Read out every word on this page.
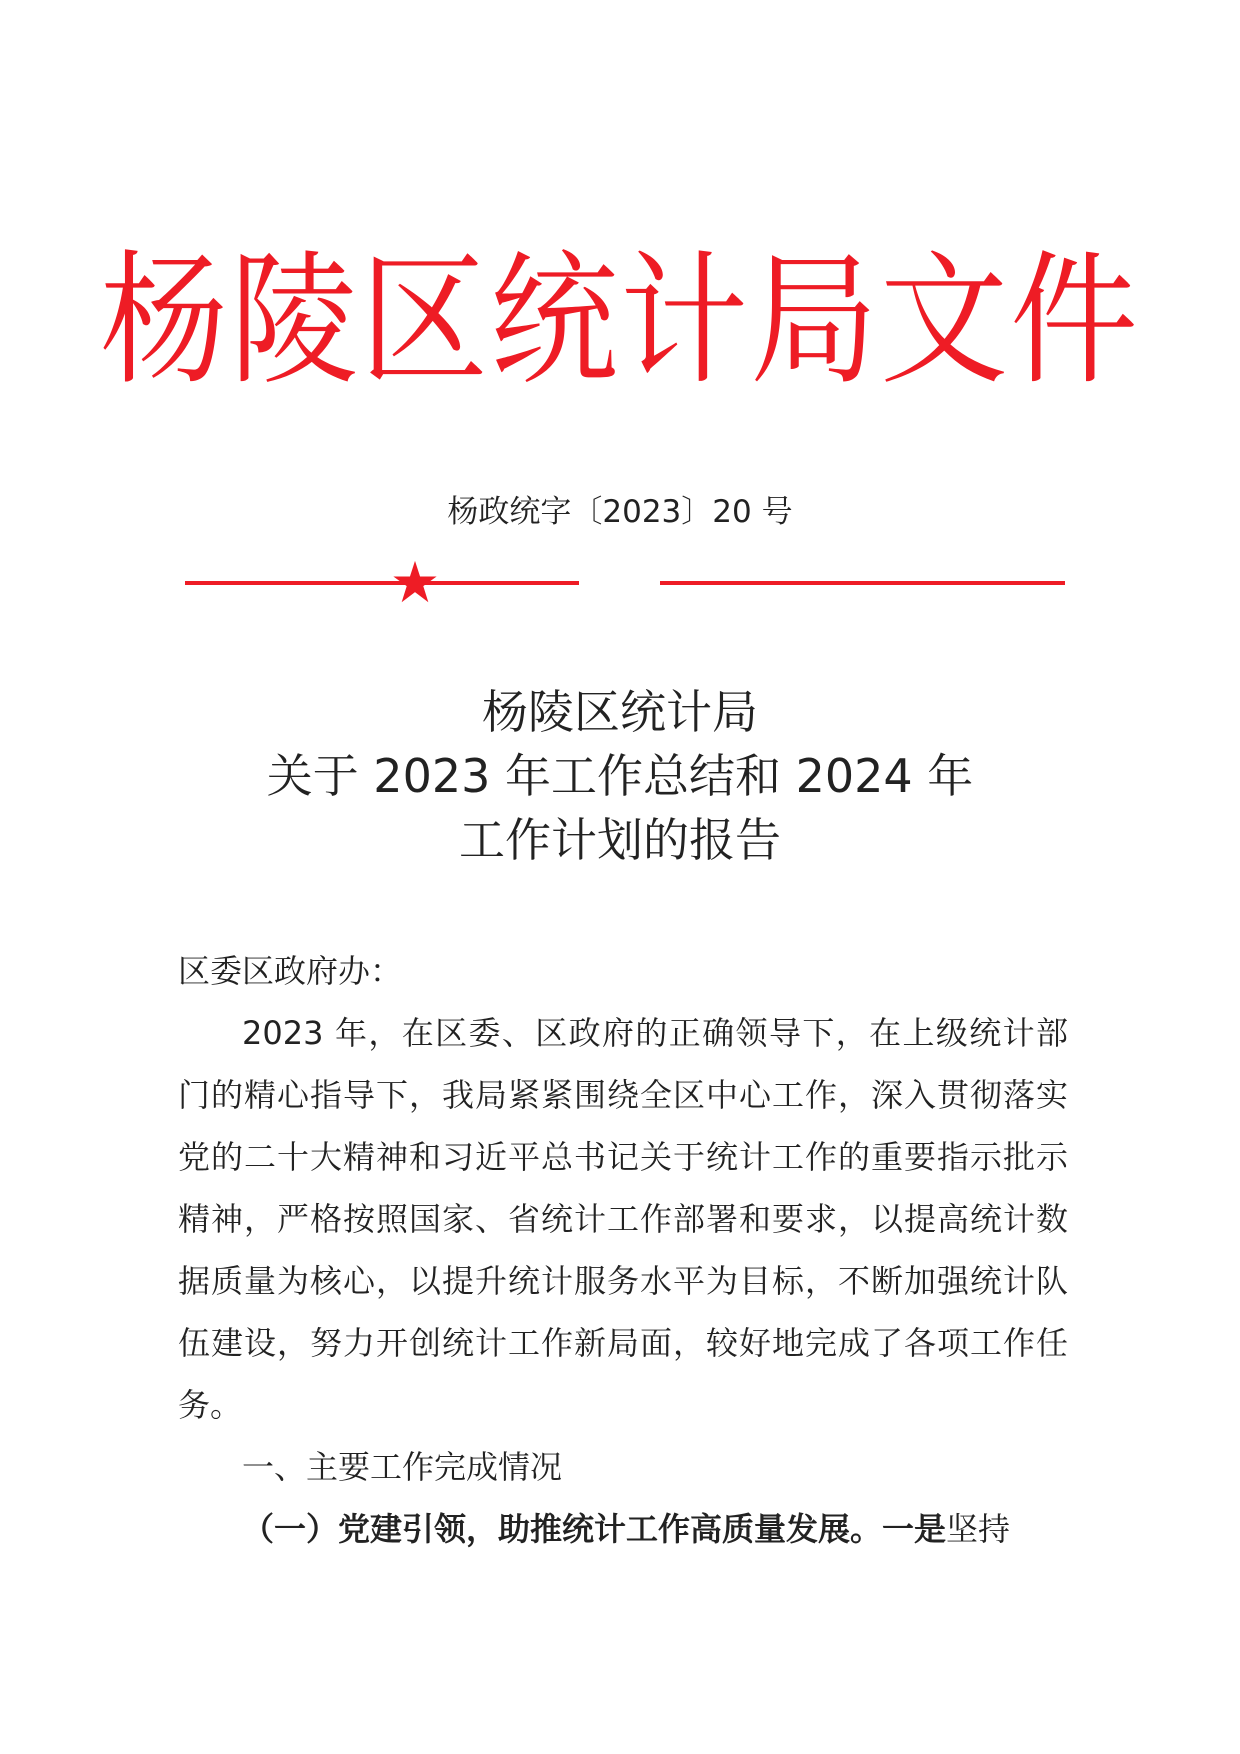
杨陵区统计局文件
杨政统字〔2023〕20 号
杨陵区统计局
关于 2023 年工作总结和 2024 年
工作计划的报告

区委区政府办：

2023 年，在区委、区政府的正确领导下，在上级统计部门的精心指导下，我局紧紧围绕全区中心工作，深入贯彻落实党的二十大精神和习近平总书记关于统计工作的重要指示批示精神，严格按照国家、省统计工作部署和要求，以提高统计数据质量为核心，以提升统计服务水平为目标，不断加强统计队伍建设，努力开创统计工作新局面，较好地完成了各项工作任务。

一、主要工作完成情况

（一）党建引领，助推统计工作高质量发展。一是坚持
